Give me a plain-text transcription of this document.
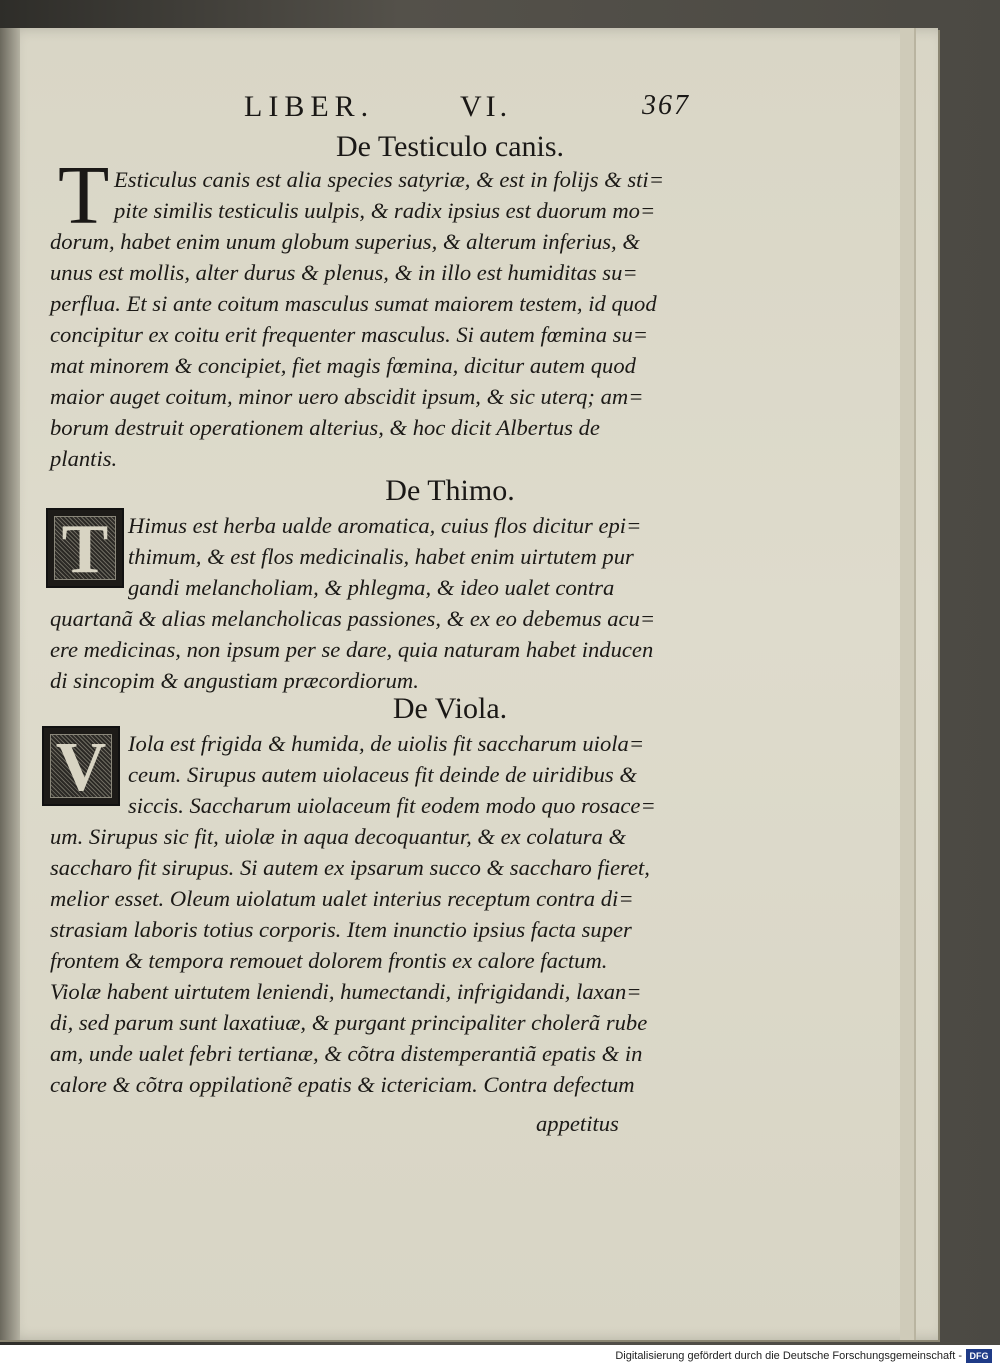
LIBER.	VI.	367
De Testiculo canis.
T Esticulus canis est alia species satyriæ, & est in folijs & sti=
pite similis testiculis uulpis, & radix ipsius est duorum mo=
dorum, habet enim unum globum superius, & alterum inferius, &
unus est mollis, alter durus & plenus, & in illo est humiditas su=
perflua. Et si ante coitum masculus sumat maiorem testem, id quod
concipitur ex coitu erit frequenter masculus. Si autem fœmina su=
mat minorem & concipiet, fiet magis fœmina, dicitur autem quod
maior auget coitum, minor uero abscidit ipsum, & sic uterq; am=
borum destruit operationem alterius, & hoc dicit Albertus de
plantis.
De Thimo.
T Himus est herba ualde aromatica, cuius flos dicitur epi=
thimum, & est flos medicinalis, habet enim uirtutem pur
gandi melancholiam, & phlegma, & ideo ualet contra
quartanã & alias melancholicas passiones, & ex eo debemus acu=
ere medicinas, non ipsum per se dare, quia naturam habet inducen
di sincopim & angustiam præcordiorum.
De Viola.
V Iola est frigida & humida, de uiolis fit saccharum uiola=
ceum. Sirupus autem uiolaceus fit deinde de uiridibus &
siccis. Saccharum uiolaceum fit eodem modo quo rosace=
um. Sirupus sic fit, uiolæ in aqua decoquantur, & ex colatura &
saccharo fit sirupus. Si autem ex ipsarum succo & saccharo fieret,
melior esset. Oleum uiolatum ualet interius receptum contra di=
strasiam laboris totius corporis. Item inunctio ipsius facta super
frontem & tempora remouet dolorem frontis ex calore factum.
Violæ habent uirtutem leniendi, humectandi, infrigidandi, laxan=
di, sed parum sunt laxatiuæ, & purgant principaliter cholerã rube
am, unde ualet febri tertianæ, & cõtra distemperantiã epatis & in
calore & cõtra oppilationẽ epatis & ictericiam. Contra defectum
appetitus
Digitalisierung gefördert durch die Deutsche Forschungsgemeinschaft - DFG
